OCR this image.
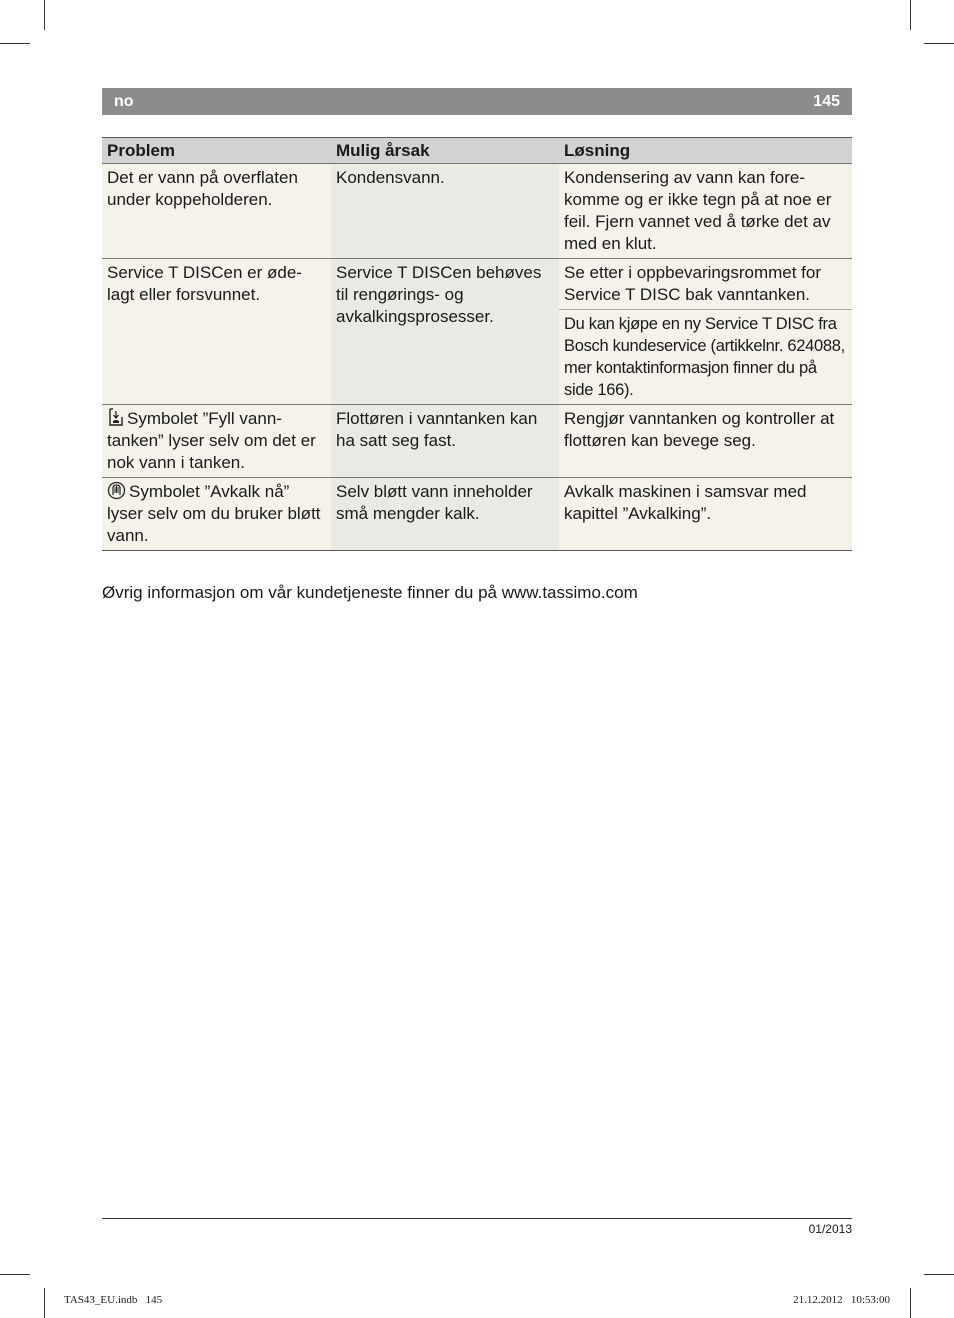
no	145
Problem	Mulig årsak	Løsning
Det er vann på overflaten under koppeholderen.	Kondensvann.	Kondensering av vann kan fore-komme og er ikke tegn på at noe er feil. Fjern vannet ved å tørke det av med en klut.
Service T DISCen er øde-lagt eller forsvunnet.	Service T DISCen behøves til rengørings- og avkalkingsprosesser.	Se etter i oppbevaringsrommet for Service T DISC bak vanntanken.
		Du kan kjøpe en ny Service T DISC fra Bosch kundeservice (artikkelnr. 624088, mer kontaktinformasjon finner du på side 166).
Symbolet ”Fyll vann-tanken” lyser selv om det er nok vann i tanken.	Flottøren i vanntanken kan ha satt seg fast.	Rengjør vanntanken og kontroller at flottøren kan bevege seg.
Symbolet ”Avkalk nå” lyser selv om du bruker bløtt vann.	Selv bløtt vann inneholder små mengder kalk.	Avkalk maskinen i samsvar med kapittel ”Avkalking”.
Øvrig informasjon om vår kundetjeneste finner du på www.tassimo.com
01/2013
TAS43_EU.indb   145	21.12.2012   10:53:00
